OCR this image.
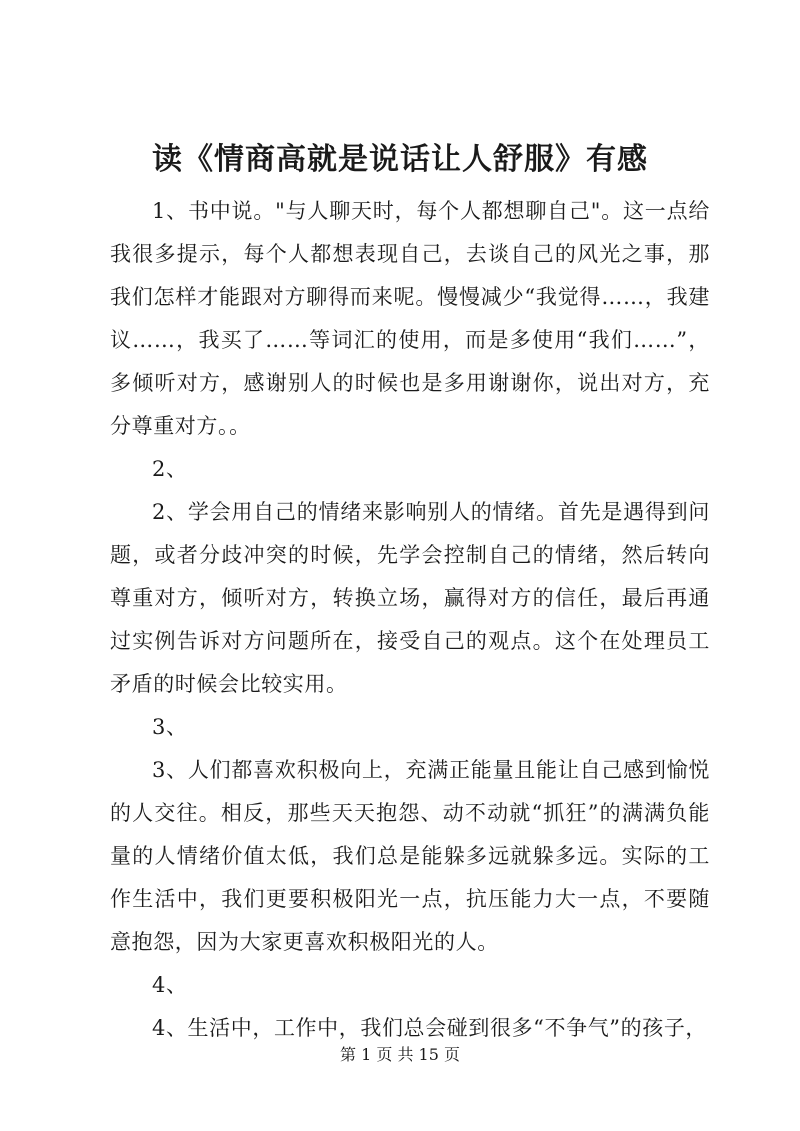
读《情商高就是说话让人舒服》有感

1、书中说。"与人聊天时，每个人都想聊自己"。这一点给我很多提示，每个人都想表现自己，去谈自己的风光之事，那我们怎样才能跟对方聊得而来呢。慢慢减少“我觉得……，我建议……，我买了……等词汇的使用，而是多使用“我们……”，多倾听对方，感谢别人的时候也是多用谢谢你，说出对方，充分尊重对方。。

2、

2、学会用自己的情绪来影响别人的情绪。首先是遇得到问题，或者分歧冲突的时候，先学会控制自己的情绪，然后转向尊重对方，倾听对方，转换立场，赢得对方的信任，最后再通过实例告诉对方问题所在，接受自己的观点。这个在处理员工矛盾的时候会比较实用。

3、

3、人们都喜欢积极向上，充满正能量且能让自己感到愉悦的人交往。相反，那些天天抱怨、动不动就“抓狂”的满满负能量的人情绪价值太低，我们总是能躲多远就躲多远。实际的工作生活中，我们更要积极阳光一点，抗压能力大一点，不要随意抱怨，因为大家更喜欢积极阳光的人。

4、

4、生活中，工作中，我们总会碰到很多“不争气”的孩子，

第 1 页 共 15 页
